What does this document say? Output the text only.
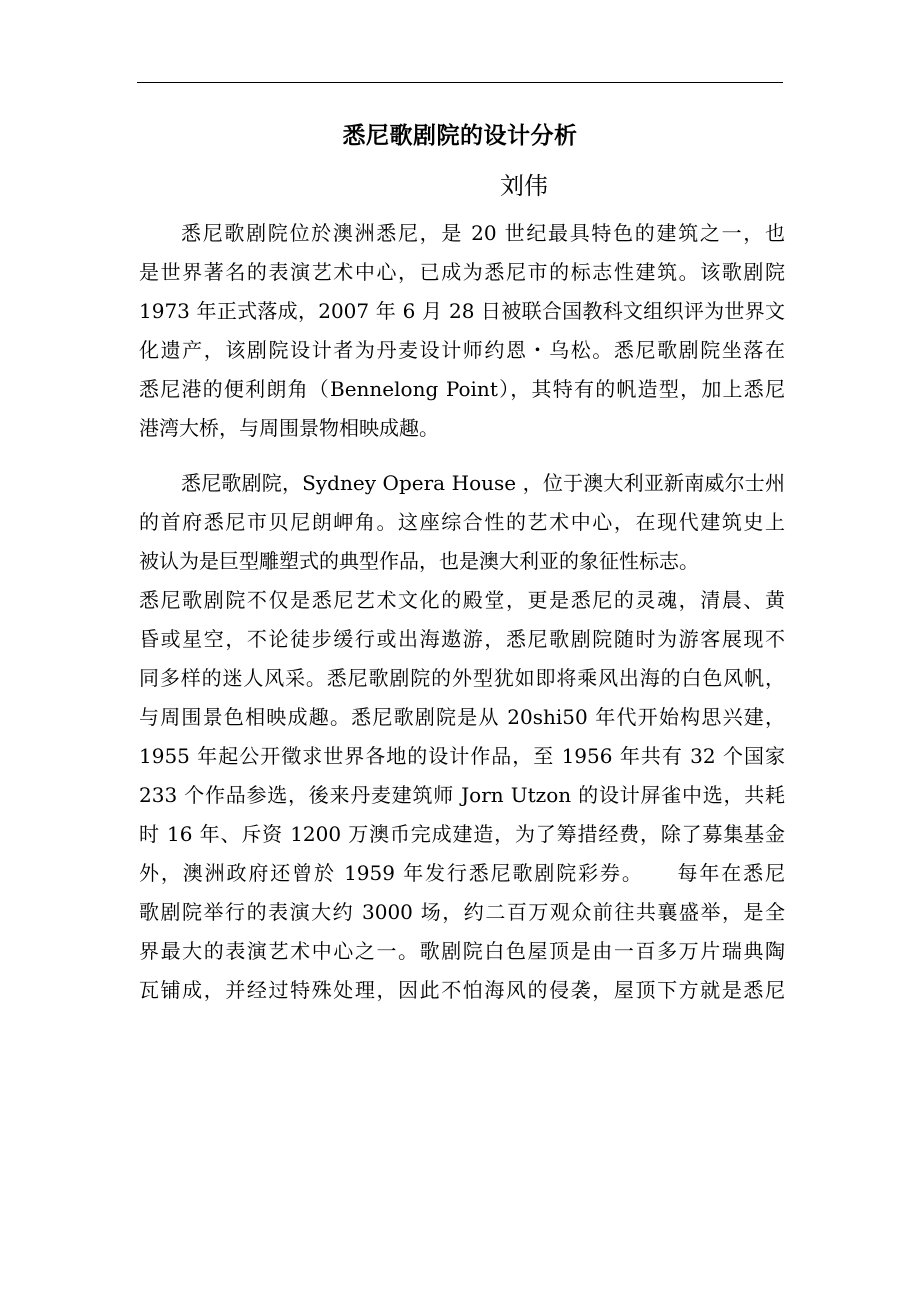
悉尼歌剧院的设计分析
刘伟
悉尼歌剧院位於澳洲悉尼，是 20 世纪最具特色的建筑之一，也
是世界著名的表演艺术中心，已成为悉尼市的标志性建筑。该歌剧院
1973 年正式落成，2007 年 6 月 28 日被联合国教科文组织评为世界文
化遗产，该剧院设计者为丹麦设计师约恩・乌松。悉尼歌剧院坐落在
悉尼港的便利朗角（Bennelong Point），其特有的帆造型，加上悉尼
港湾大桥，与周围景物相映成趣。
悉尼歌剧院，Sydney Opera House ，位于澳大利亚新南威尔士州
的首府悉尼市贝尼朗岬角。这座综合性的艺术中心，在现代建筑史上
被认为是巨型雕塑式的典型作品，也是澳大利亚的象征性标志。
悉尼歌剧院不仅是悉尼艺术文化的殿堂，更是悉尼的灵魂，清晨、黄
昏或星空，不论徒步缓行或出海遨游，悉尼歌剧院随时为游客展现不
同多样的迷人风采。悉尼歌剧院的外型犹如即将乘风出海的白色风帆，
与周围景色相映成趣。悉尼歌剧院是从 20shi50 年代开始构思兴建，
1955 年起公开徵求世界各地的设计作品，至 1956 年共有 32 个国家
233 个作品参选，後来丹麦建筑师 Jorn Utzon 的设计屏雀中选，共耗
时 16 年、斥资 1200 万澳币完成建造，为了筹措经费，除了募集基金
外，澳洲政府还曾於 1959 年发行悉尼歌剧院彩券。　　每年在悉尼
歌剧院举行的表演大约 3000 场，约二百万观众前往共襄盛举，是全
界最大的表演艺术中心之一。歌剧院白色屋顶是由一百多万片瑞典陶
瓦铺成，并经过特殊处理，因此不怕海风的侵袭，屋顶下方就是悉尼
